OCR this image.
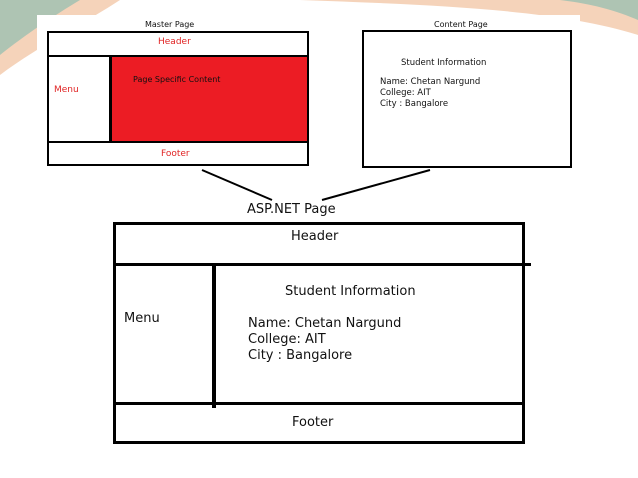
Master Page
Header
Menu
Page Specific Content
Footer
Content Page
Student Information
Name: Chetan Nargund
College: AIT
City : Bangalore
ASP.NET Page
Header
Menu
Student Information
Name: Chetan Nargund
College: AIT
City : Bangalore
Footer
